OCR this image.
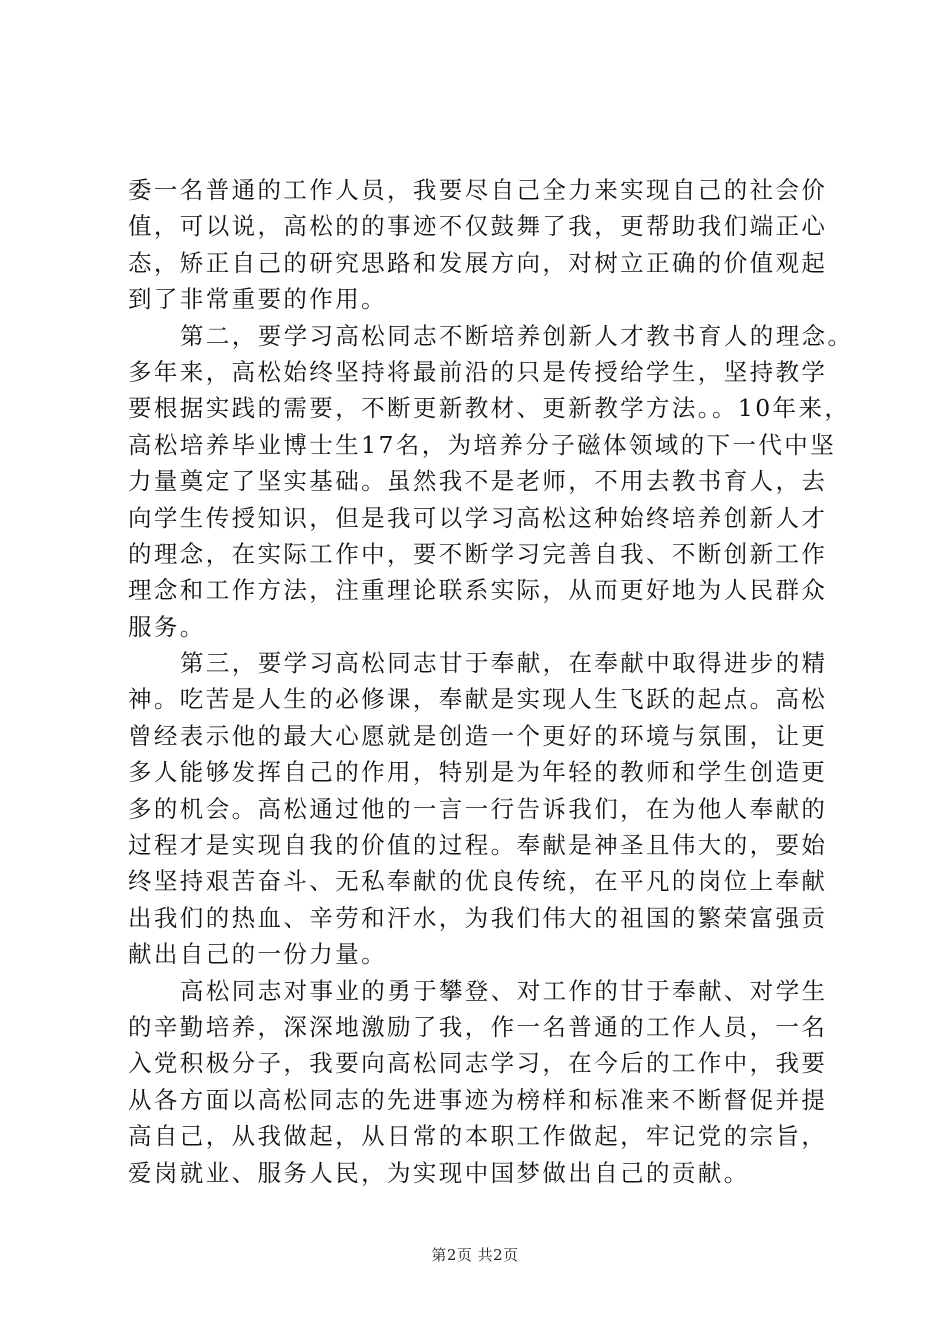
委一名普通的工作人员，我要尽自己全力来实现自己的社会价
值，可以说，高松的的事迹不仅鼓舞了我，更帮助我们端正心
态，矫正自己的研究思路和发展方向，对树立正确的价值观起
到了非常重要的作用。
第二，要学习高松同志不断培养创新人才教书育人的理念。
多年来，高松始终坚持将最前沿的只是传授给学生，坚持教学
要根据实践的需要，不断更新教材、更新教学方法。。10年来，
高松培养毕业博士生17名，为培养分子磁体领域的下一代中坚
力量奠定了坚实基础。虽然我不是老师，不用去教书育人，去
向学生传授知识，但是我可以学习高松这种始终培养创新人才
的理念，在实际工作中，要不断学习完善自我、不断创新工作
理念和工作方法，注重理论联系实际，从而更好地为人民群众
服务。
第三，要学习高松同志甘于奉献，在奉献中取得进步的精
神。吃苦是人生的必修课，奉献是实现人生飞跃的起点。高松
曾经表示他的最大心愿就是创造一个更好的环境与氛围，让更
多人能够发挥自己的作用，特别是为年轻的教师和学生创造更
多的机会。高松通过他的一言一行告诉我们，在为他人奉献的
过程才是实现自我的价值的过程。奉献是神圣且伟大的，要始
终坚持艰苦奋斗、无私奉献的优良传统，在平凡的岗位上奉献
出我们的热血、辛劳和汗水，为我们伟大的祖国的繁荣富强贡
献出自己的一份力量。
高松同志对事业的勇于攀登、对工作的甘于奉献、对学生
的辛勤培养，深深地激励了我，作一名普通的工作人员，一名
入党积极分子，我要向高松同志学习，在今后的工作中，我要
从各方面以高松同志的先进事迹为榜样和标准来不断督促并提
高自己，从我做起，从日常的本职工作做起，牢记党的宗旨，
爱岗就业、服务人民，为实现中国梦做出自己的贡献。
第2页 共2页
